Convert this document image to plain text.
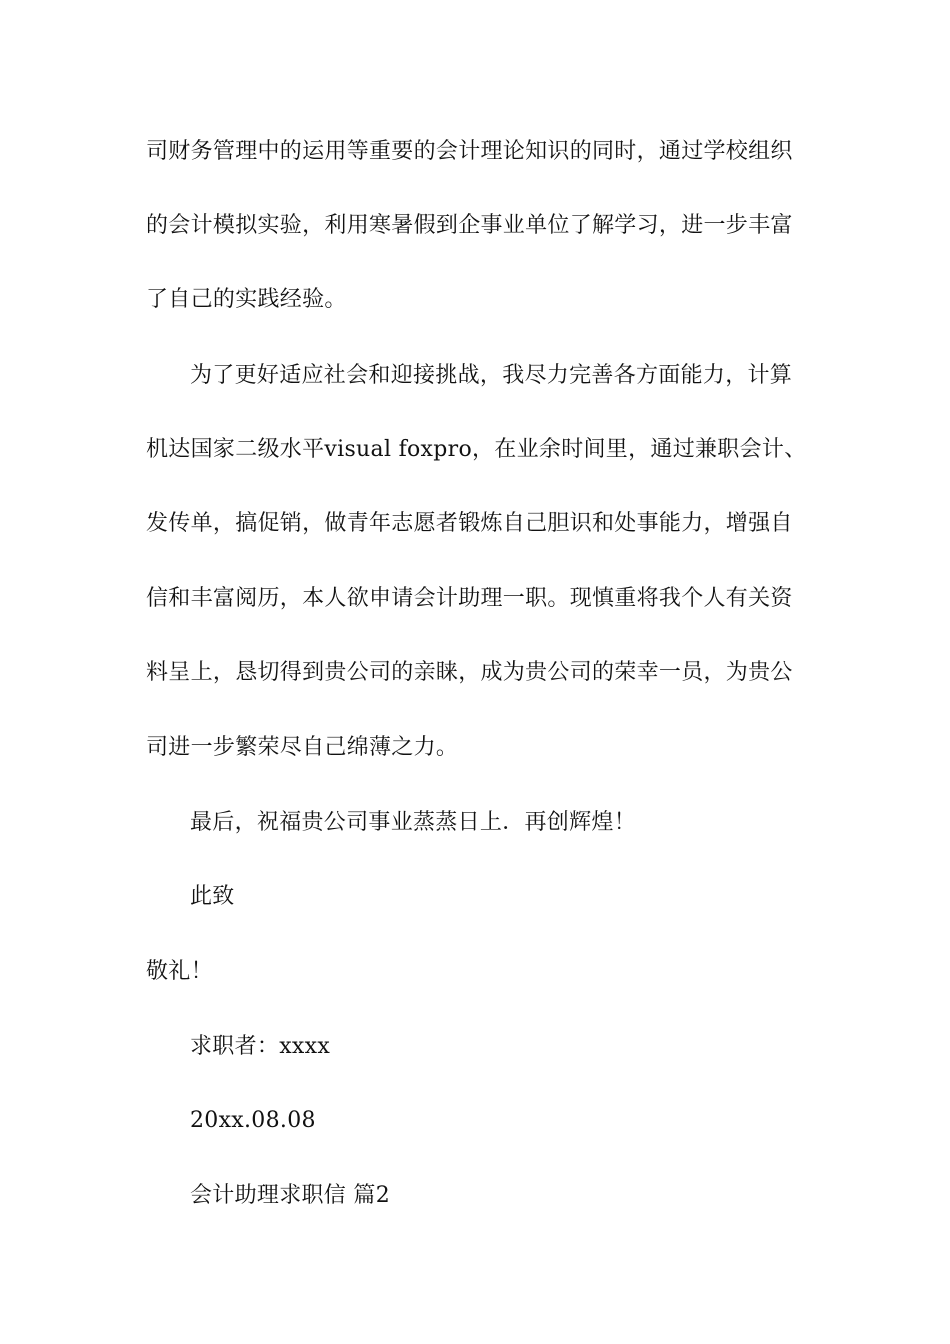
司财务管理中的运用等重要的会计理论知识的同时，通过学校组织

的会计模拟实验，利用寒暑假到企事业单位了解学习，进一步丰富

了自己的实践经验。

为了更好适应社会和迎接挑战，我尽力完善各方面能力，计算

机达国家二级水平visual foxpro，在业余时间里，通过兼职会计、

发传单，搞促销，做青年志愿者锻炼自己胆识和处事能力，增强自

信和丰富阅历，本人欲申请会计助理一职。现慎重将我个人有关资

料呈上，恳切得到贵公司的亲睐，成为贵公司的荣幸一员，为贵公

司进一步繁荣尽自己绵薄之力。

最后，祝福贵公司事业蒸蒸日上．再创辉煌！

此致

敬礼！

求职者：xxxx

20xx.08.08

会计助理求职信 篇2
